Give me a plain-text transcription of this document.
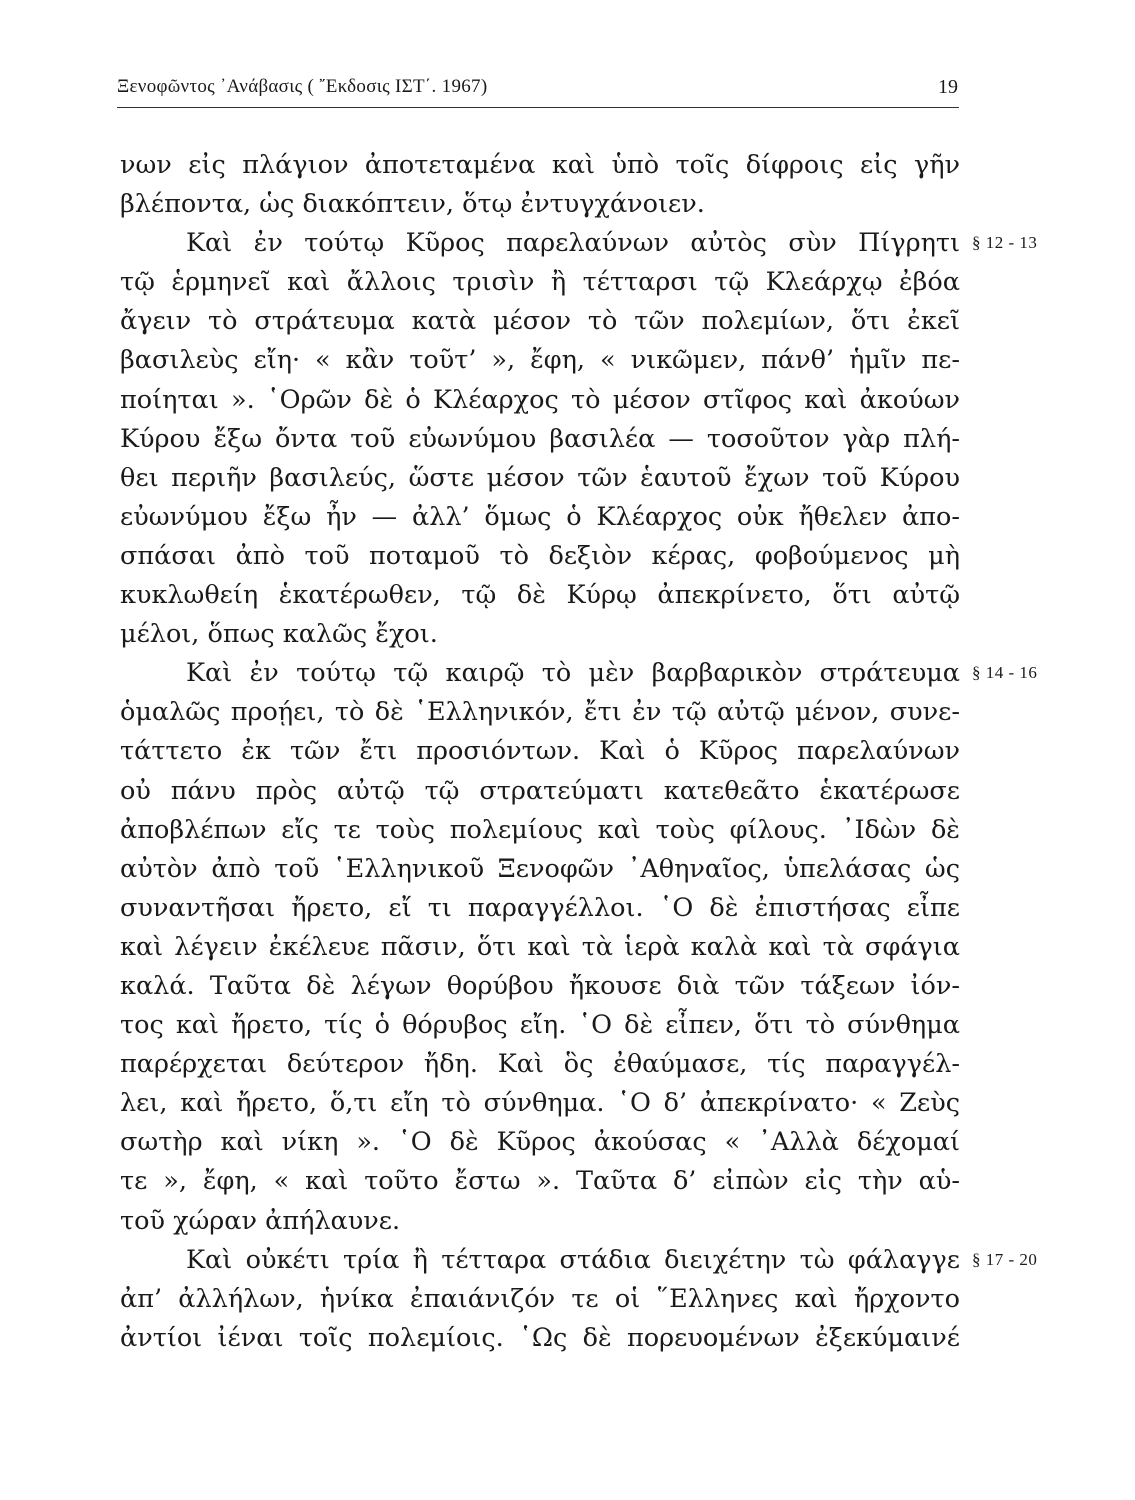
Ξενοφῶντος ᾿Ανάβασις ( ῎Εκδοσις ΙΣΤ΄. 1967)	19
νων εἰς πλάγιον ἀποτεταμένα καὶ ὑπὸ τοῖς δίφροις εἰς γῆν
βλέποντα, ὡς διακόπτειν, ὅτῳ ἐντυγχάνοιεν.
Καὶ ἐν τούτῳ Κῦρος παρελαύνων αὐτὸς σὺν Πίγρητι
τῷ ἑρμηνεῖ καὶ ἄλλοις τρισὶν ἢ τέτταρσι τῷ Κλεάρχῳ ἐβόα
ἄγειν τὸ στράτευμα κατὰ μέσον τὸ τῶν πολεμίων, ὅτι ἐκεῖ
βασιλεὺς εἴη· « κἂν τοῦτ’ », ἔφη, « νικῶμεν, πάνθ’ ἡμῖν πε-
ποίηται ». ῾Ορῶν δὲ ὁ Κλέαρχος τὸ μέσον στῖφος καὶ ἀκούων
Κύρου ἔξω ὄντα τοῦ εὐωνύμου βασιλέα — τοσοῦτον γὰρ πλή-
θει περιῆν βασιλεύς, ὥστε μέσον τῶν ἑαυτοῦ ἔχων τοῦ Κύρου
εὐωνύμου ἔξω ἦν — ἀλλ’ ὅμως ὁ Κλέαρχος οὐκ ἤθελεν ἀπο-
σπάσαι ἀπὸ τοῦ ποταμοῦ τὸ δεξιὸν κέρας, φοβούμενος μὴ
κυκλωθείη ἑκατέρωθεν, τῷ δὲ Κύρῳ ἀπεκρίνετο, ὅτι αὐτῷ
μέλοι, ὅπως καλῶς ἔχοι.
Καὶ ἐν τούτῳ τῷ καιρῷ τὸ μὲν βαρβαρικὸν στράτευμα
ὁμαλῶς προῄει, τὸ δὲ ῾Ελληνικόν, ἔτι ἐν τῷ αὐτῷ μένον, συνε-
τάττετο ἐκ τῶν ἔτι προσιόντων. Καὶ ὁ Κῦρος παρελαύνων
οὐ πάνυ πρὸς αὐτῷ τῷ στρατεύματι κατεθεᾶτο ἑκατέρωσε
ἀποβλέπων εἴς τε τοὺς πολεμίους καὶ τοὺς φίλους. ᾿Ιδὼν δὲ
αὐτὸν ἀπὸ τοῦ ῾Ελληνικοῦ Ξενοφῶν ᾿Αθηναῖος, ὑπελάσας ὡς
συναντῆσαι ἤρετο, εἴ τι παραγγέλλοι. ῾Ο δὲ ἐπιστήσας εἶπε
καὶ λέγειν ἐκέλευε πᾶσιν, ὅτι καὶ τὰ ἱερὰ καλὰ καὶ τὰ σφάγια
καλά. Ταῦτα δὲ λέγων θορύβου ἤκουσε διὰ τῶν τάξεων ἰόν-
τος καὶ ἤρετο, τίς ὁ θόρυβος εἴη. ῾Ο δὲ εἶπεν, ὅτι τὸ σύνθημα
παρέρχεται δεύτερον ἤδη. Καὶ ὃς ἐθαύμασε, τίς παραγγέλ-
λει, καὶ ἤρετο, ὅ,τι εἴη τὸ σύνθημα. ῾Ο δ’ ἀπεκρίνατο· « Ζεὺς
σωτὴρ καὶ νίκη ». ῾Ο δὲ Κῦρος ἀκούσας « ᾿Αλλὰ δέχομαί
τε », ἔφη, « καὶ τοῦτο ἔστω ». Ταῦτα δ’ εἰπὼν εἰς τὴν αὑ-
τοῦ χώραν ἀπήλαυνε.
Καὶ οὐκέτι τρία ἢ τέτταρα στάδια διειχέτην τὼ φάλαγγε
ἀπ’ ἀλλήλων, ἡνίκα ἐπαιάνιζόν τε οἱ ῞Ελληνες καὶ ἤρχοντο
ἀντίοι ἰέναι τοῖς πολεμίοις. ῾Ως δὲ πορευομένων ἐξεκύμαινέ
§ 12 - 13
§ 14 - 16
§ 17 - 20
